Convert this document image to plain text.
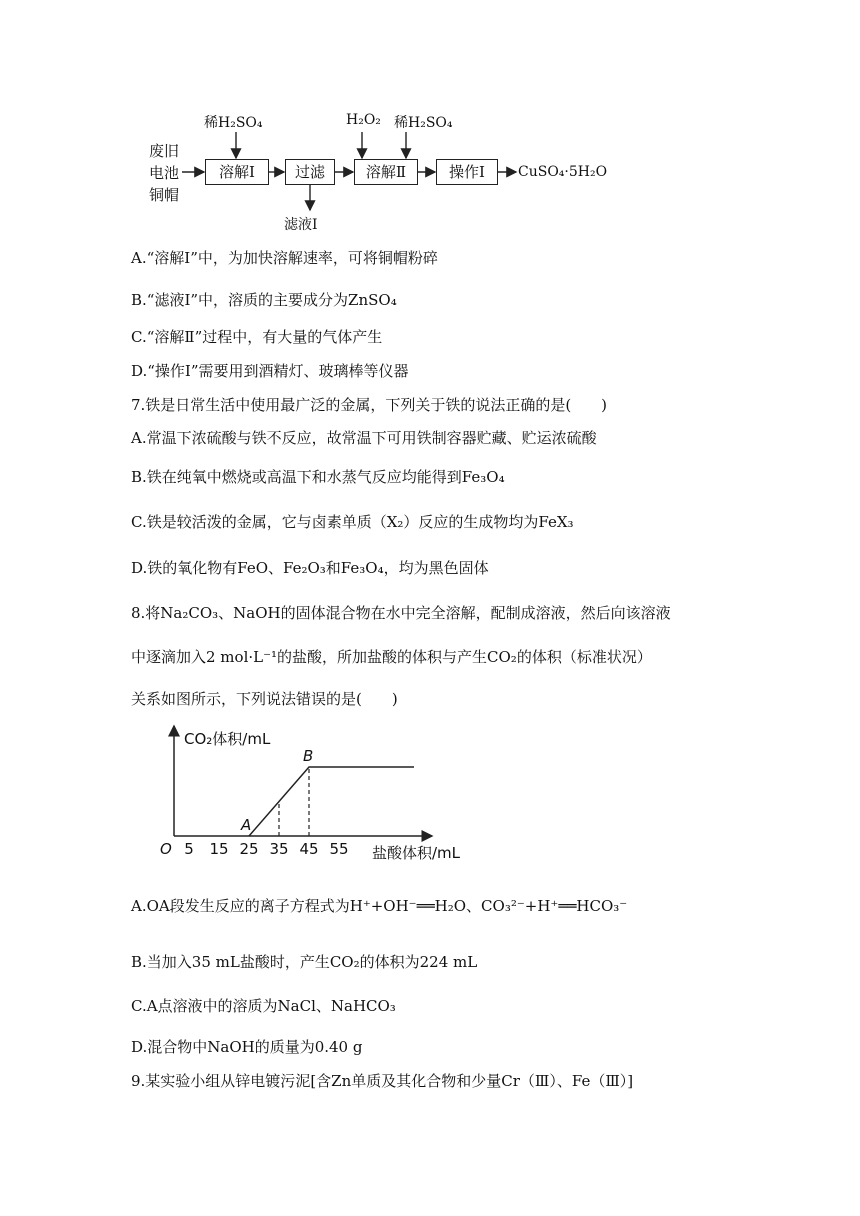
废旧
电池
铜帽
稀H₂SO₄	H₂O₂ 稀H₂SO₄
溶解Ⅰ	过滤	溶解Ⅱ	操作Ⅰ	CuSO₄·5H₂O
滤液Ⅰ
A.“溶解Ⅰ”中，为加快溶解速率，可将铜帽粉碎
B.“滤液Ⅰ”中，溶质的主要成分为ZnSO₄
C.“溶解Ⅱ”过程中，有大量的气体产生
D.“操作Ⅰ”需要用到酒精灯、玻璃棒等仪器
7.铁是日常生活中使用最广泛的金属，下列关于铁的说法正确的是(　　)
A.常温下浓硫酸与铁不反应，故常温下可用铁制容器贮藏、贮运浓硫酸
B.铁在纯氧中燃烧或高温下和水蒸气反应均能得到Fe₃O₄
C.铁是较活泼的金属，它与卤素单质（X₂）反应的生成物均为FeX₃
D.铁的氧化物有FeO、Fe₂O₃和Fe₃O₄，均为黑色固体
8.将Na₂CO₃、NaOH的固体混合物在水中完全溶解，配制成溶液，然后向该溶液
中逐滴加入2 mol·L⁻¹的盐酸，所加盐酸的体积与产生CO₂的体积（标准状况）
关系如图所示，下列说法错误的是(　　)
CO₂体积/mL
盐酸体积/mL
O 5 15 25 35 45 55
A
B
A.OA段发生反应的离子方程式为H⁺+OH⁻══H₂O、CO₃²⁻+H⁺══HCO₃⁻
B.当加入35 mL盐酸时，产生CO₂的体积为224 mL
C.A点溶液中的溶质为NaCl、NaHCO₃
D.混合物中NaOH的质量为0.40 g
9.某实验小组从锌电镀污泥[含Zn单质及其化合物和少量Cr（Ⅲ）、Fe（Ⅲ）]
